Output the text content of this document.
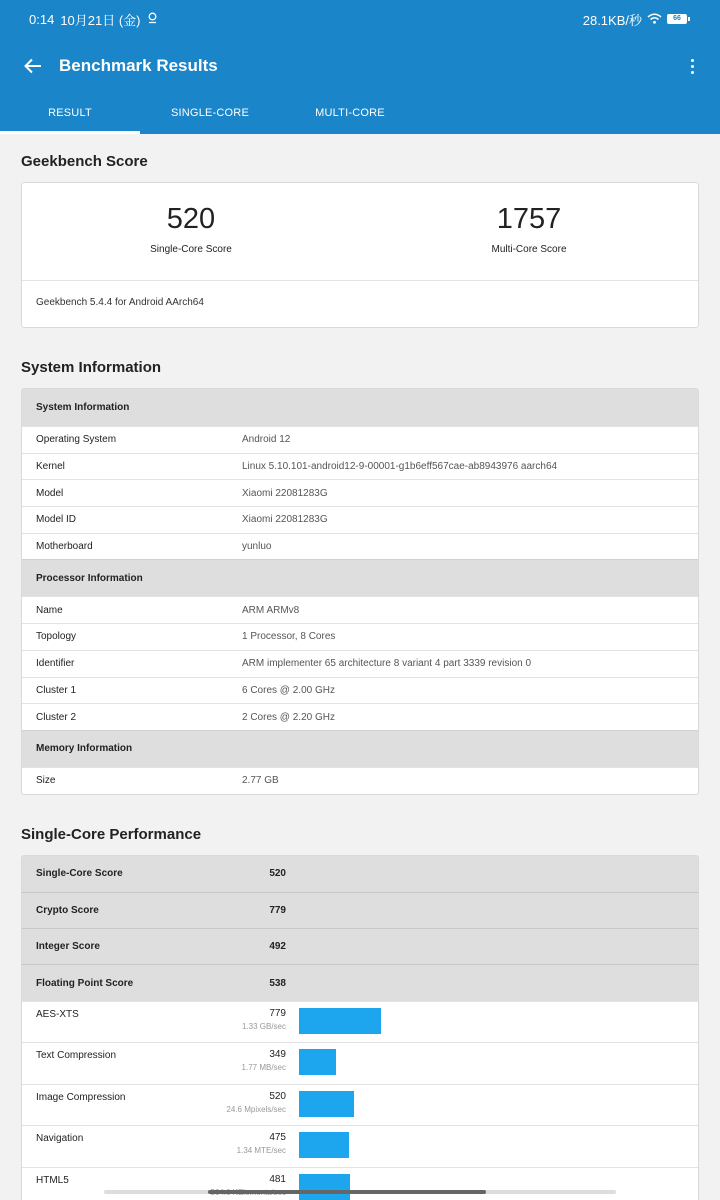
0:14 10月21日 (金)	28.1KB/秒	66
Benchmark Results
RESULT	SINGLE-CORE	MULTI-CORE
Geekbench Score
520
Single-Core Score
1757
Multi-Core Score
Geekbench 5.4.4 for Android AArch64
System Information
System Information
Operating System	Android 12
Kernel	Linux 5.10.101-android12-9-00001-g1b6eff567cae-ab8943976 aarch64
Model	Xiaomi 22081283G
Model ID	Xiaomi 22081283G
Motherboard	yunluo
Processor Information
Name	ARM ARMv8
Topology	1 Processor, 8 Cores
Identifier	ARM implementer 65 architecture 8 variant 4 part 3339 revision 0
Cluster 1	6 Cores @ 2.00 GHz
Cluster 2	2 Cores @ 2.20 GHz
Memory Information
Size	2.77 GB
Single-Core Performance
Single-Core Score	520
Crypto Score	779
Integer Score	492
Floating Point Score	538
AES-XTS	779
1.33 GB/sec
Text Compression	349
1.77 MB/sec
Image Compression	520
24.6 Mpixels/sec
Navigation	475
1.34 MTE/sec
HTML5	481
